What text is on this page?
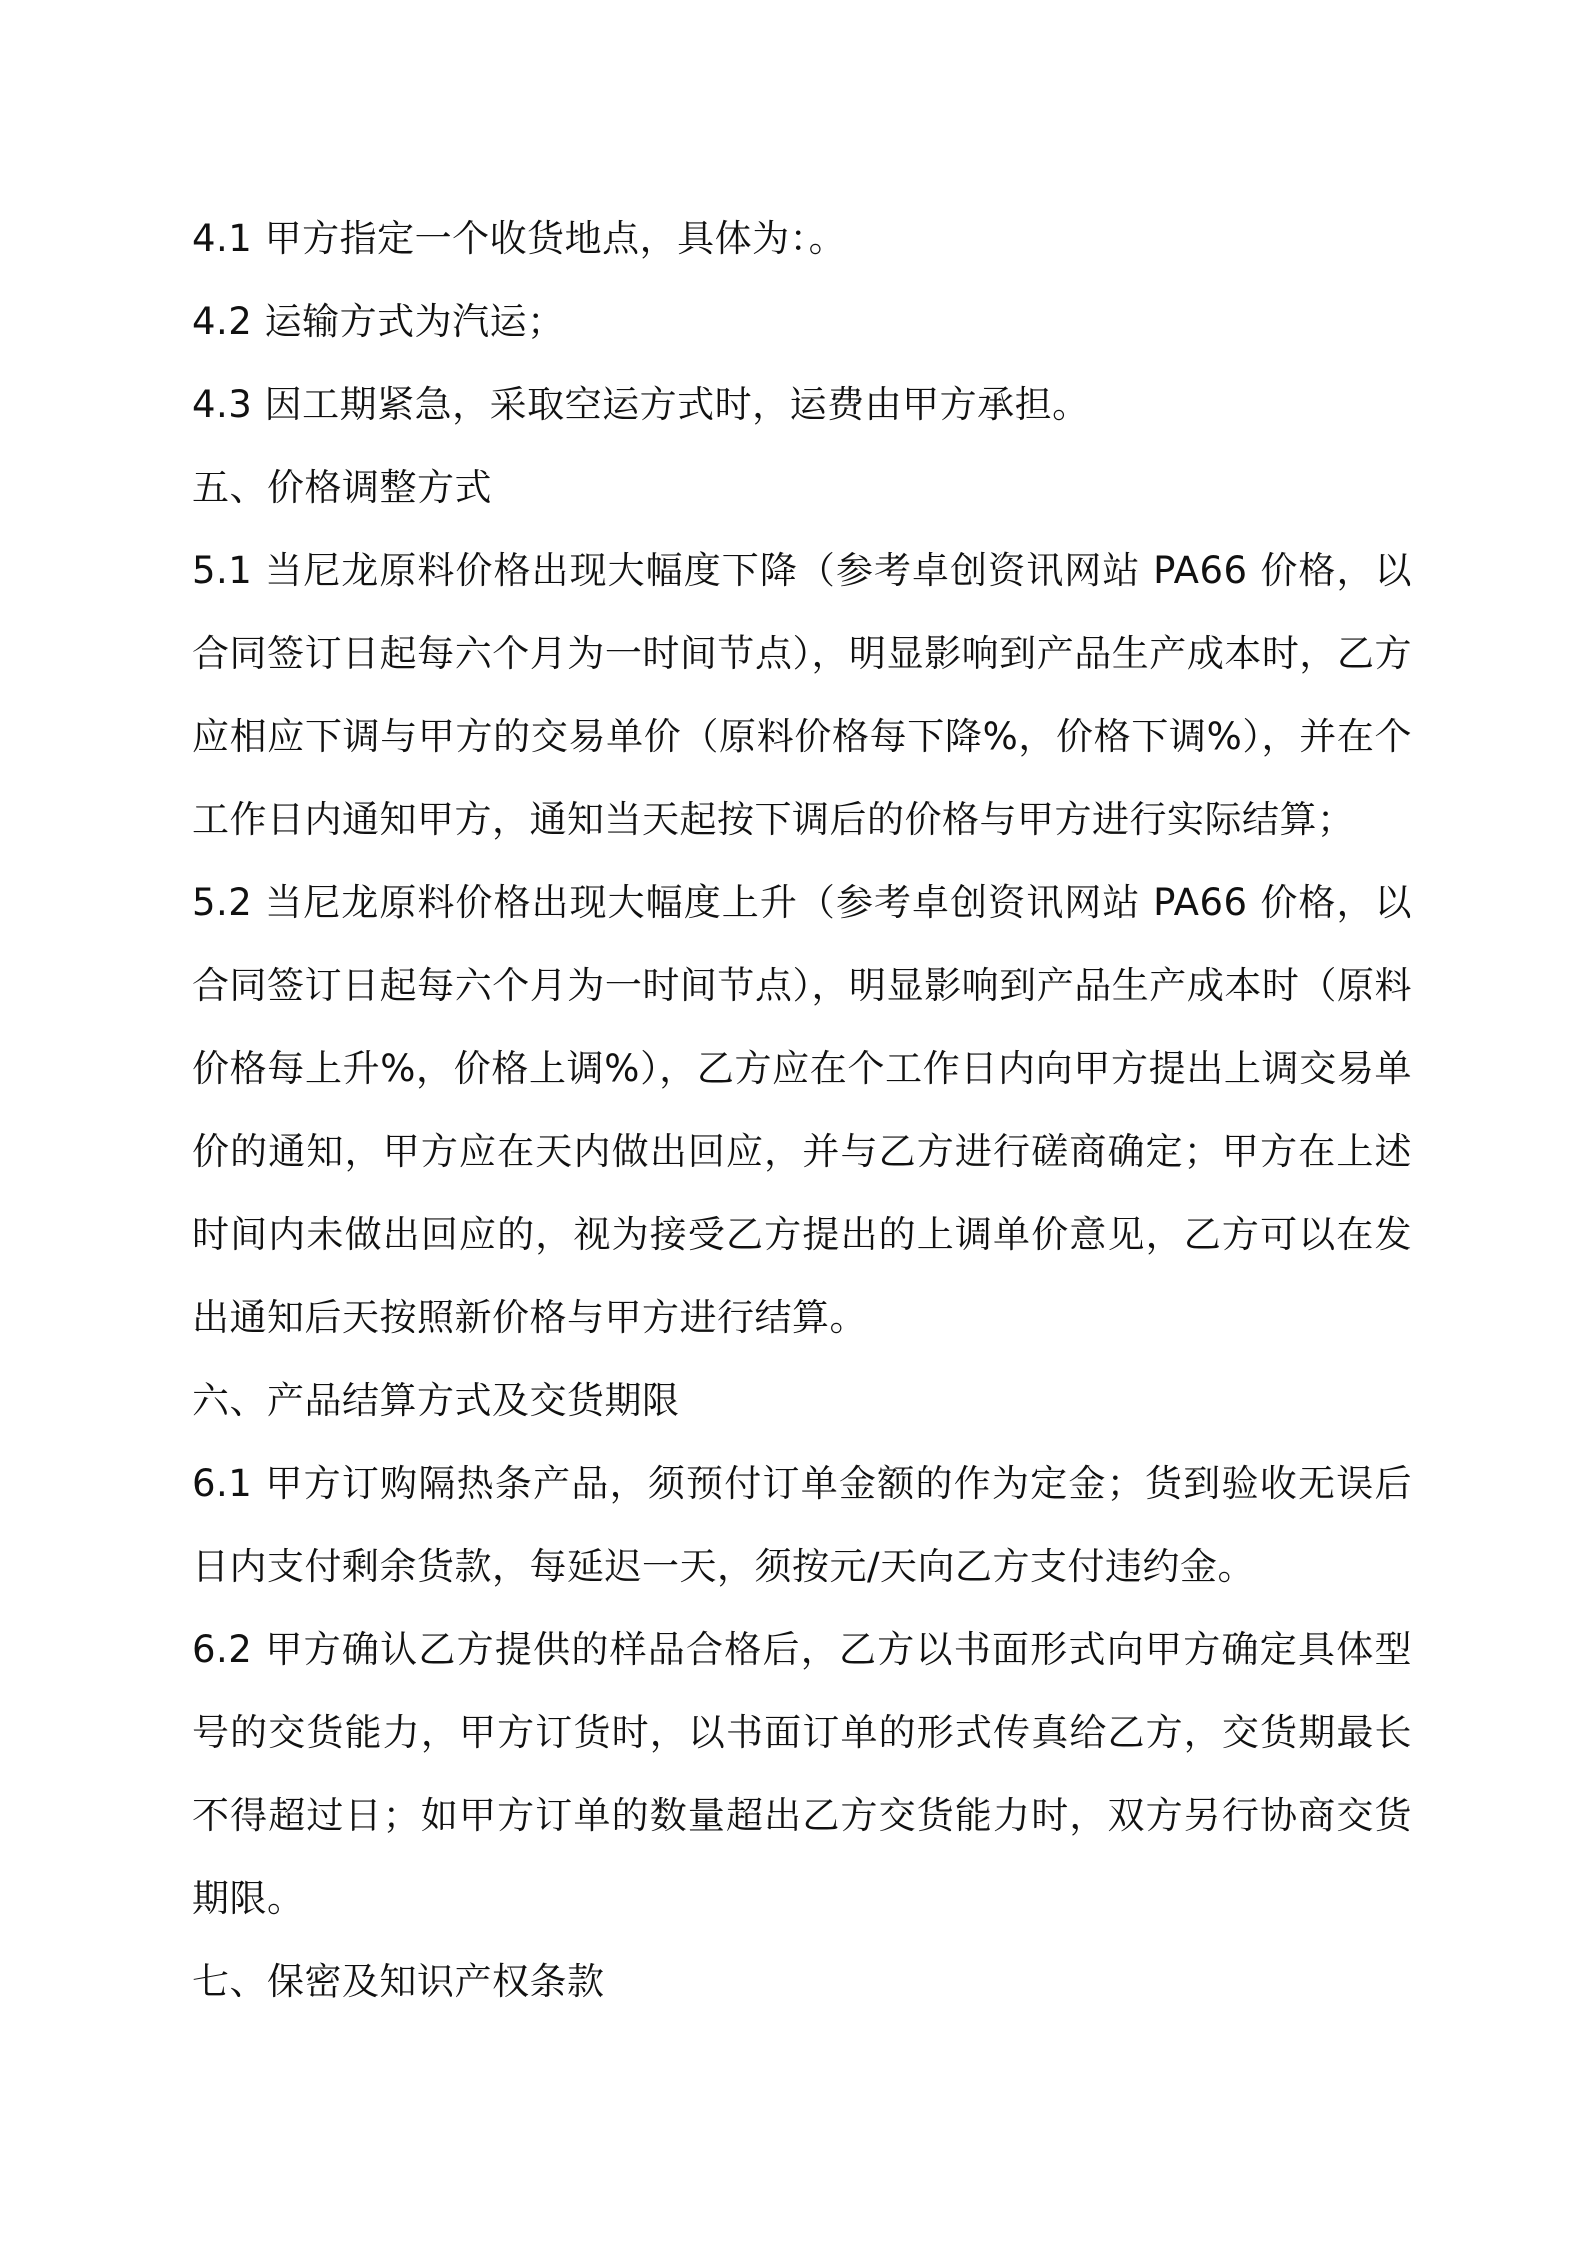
4.1 甲方指定一个收货地点，具体为：。

4.2 运输方式为汽运；

4.3 因工期紧急，采取空运方式时，运费由甲方承担。

五、价格调整方式

5.1 当尼龙原料价格出现大幅度下降（参考卓创资讯网站 PA66 价格，以合同签订日起每六个月为一时间节点），明显影响到产品生产成本时，乙方应相应下调与甲方的交易单价（原料价格每下降%，价格下调%），并在个工作日内通知甲方，通知当天起按下调后的价格与甲方进行实际结算；

5.2 当尼龙原料价格出现大幅度上升（参考卓创资讯网站 PA66 价格，以合同签订日起每六个月为一时间节点），明显影响到产品生产成本时（原料价格每上升%，价格上调%），乙方应在个工作日内向甲方提出上调交易单价的通知，甲方应在天内做出回应，并与乙方进行磋商确定；甲方在上述时间内未做出回应的，视为接受乙方提出的上调单价意见，乙方可以在发出通知后天按照新价格与甲方进行结算。

六、产品结算方式及交货期限

6.1 甲方订购隔热条产品，须预付订单金额的作为定金；货到验收无误后日内支付剩余货款，每延迟一天，须按元/天向乙方支付违约金。

6.2 甲方确认乙方提供的样品合格后，乙方以书面形式向甲方确定具体型号的交货能力，甲方订货时，以书面订单的形式传真给乙方，交货期最长不得超过日；如甲方订单的数量超出乙方交货能力时，双方另行协商交货期限。

七、保密及知识产权条款
